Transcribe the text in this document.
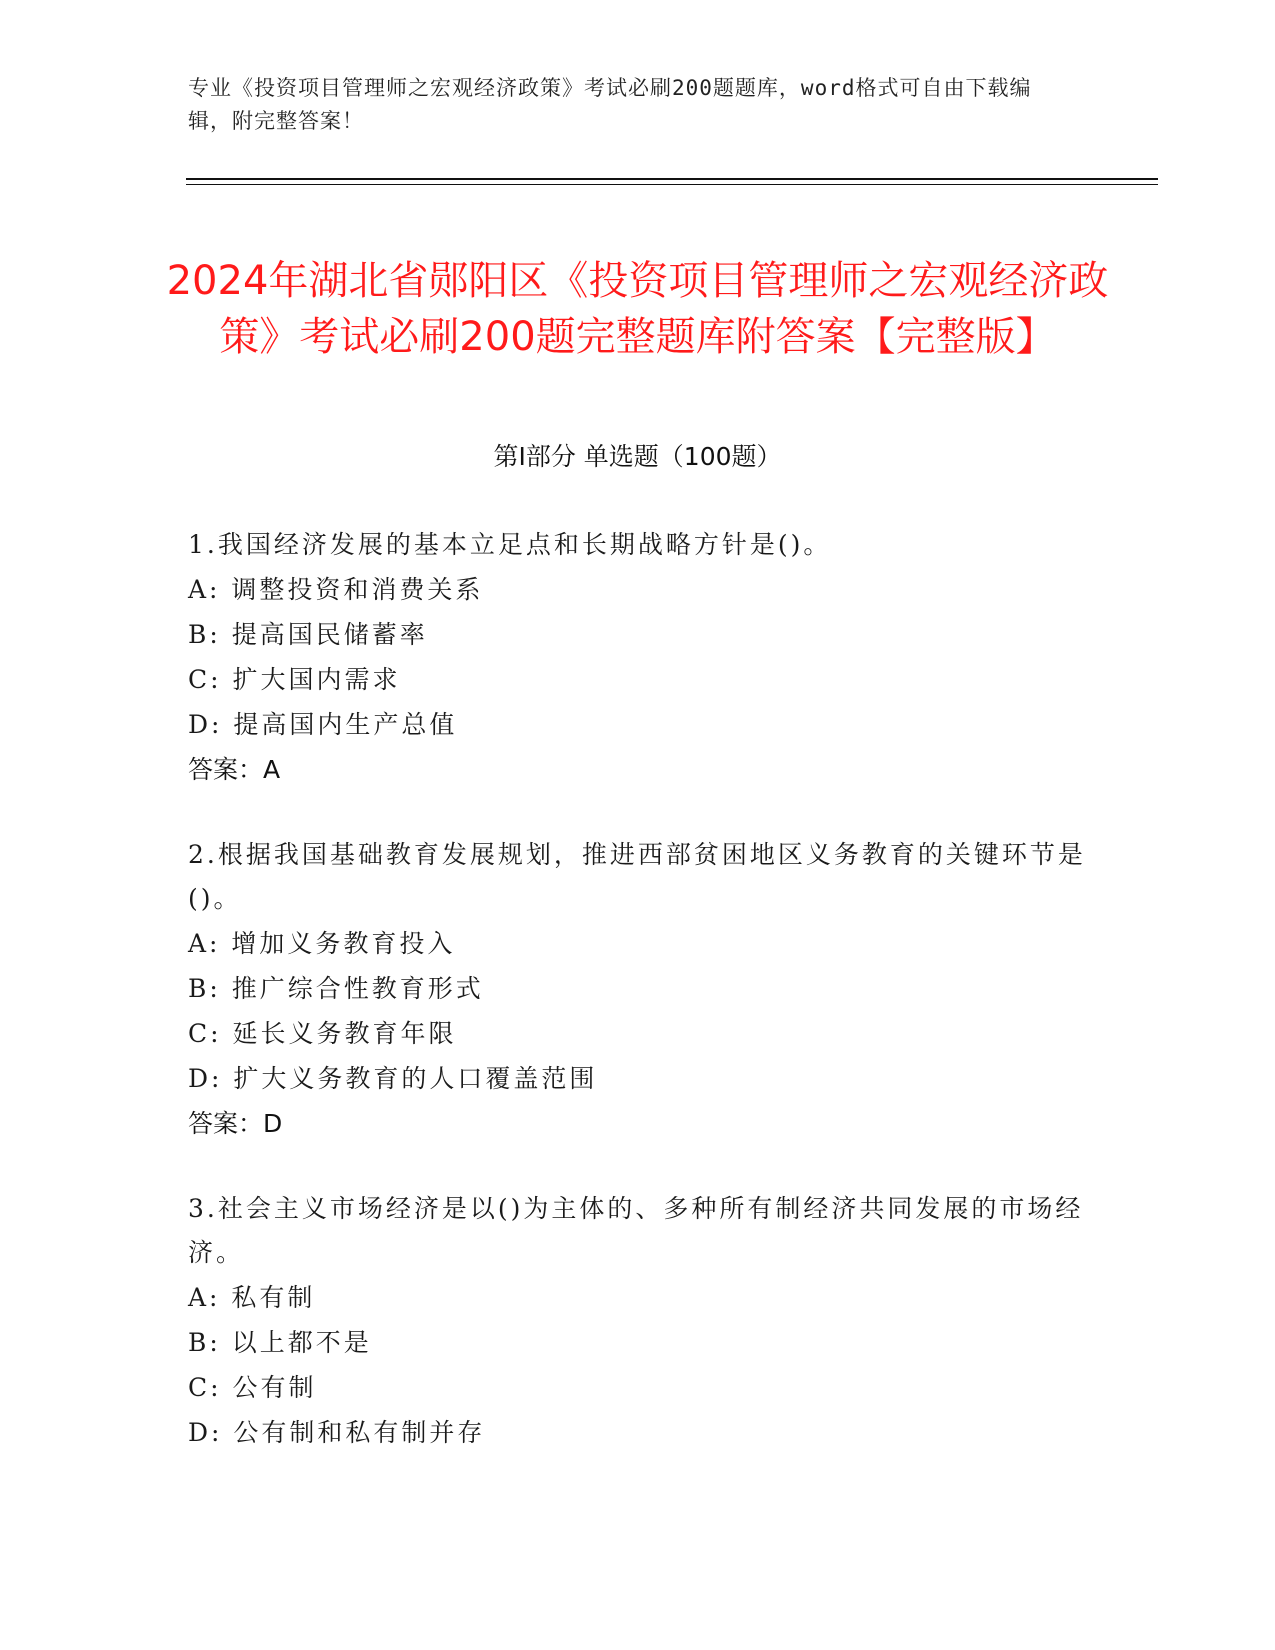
专业《投资项目管理师之宏观经济政策》考试必刷200题题库，word格式可自由下载编辑，附完整答案！
2024年湖北省郧阳区《投资项目管理师之宏观经济政策》考试必刷200题完整题库附答案【完整版】
第Ⅰ部分 单选题（100题）
1.我国经济发展的基本立足点和长期战略方针是()。
A: 调整投资和消费关系
B: 提高国民储蓄率
C: 扩大国内需求
D: 提高国内生产总值
答案：A
2.根据我国基础教育发展规划，推进西部贫困地区义务教育的关键环节是()。
A: 增加义务教育投入
B: 推广综合性教育形式
C: 延长义务教育年限
D: 扩大义务教育的人口覆盖范围
答案：D
3.社会主义市场经济是以()为主体的、多种所有制经济共同发展的市场经济。
A: 私有制
B: 以上都不是
C: 公有制
D: 公有制和私有制并存
